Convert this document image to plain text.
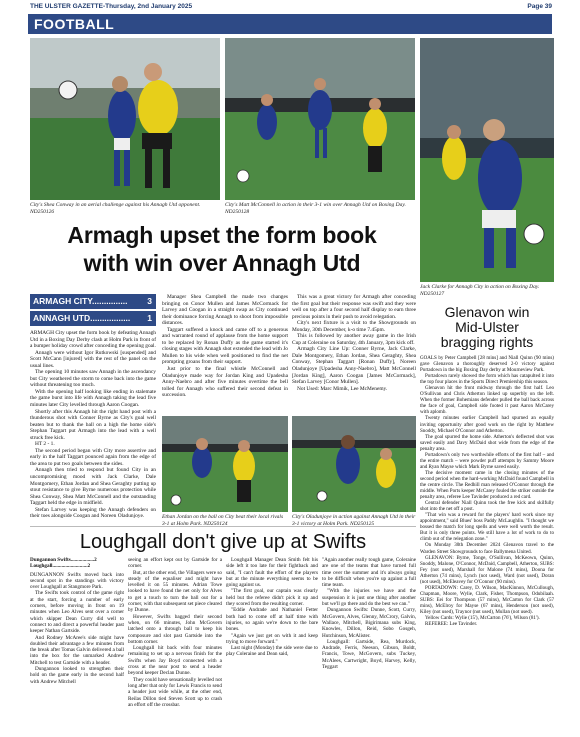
THE ULSTER GAZETTE-Thursday, 2nd January 2025	Page 39
FOOTBALL
City's Shea Conway in an aerial challenge against his Annagh Utd opponent. ND250126
City's Matt McConnell in action in their 3-1 win over Annagh Utd on Boxing Day. ND250128
Jack Clarke for Annagh City in action on Boxing Day. ND250127
Armagh upset the form book
with win over Annagh Utd
ARMAGH CITY............... 3
ANNAGH UTD................. 1

ARMAGH City upset the form book by defeating Annagh Utd in a Boxing Day Derby clash at Holm Park in front of a bumper holiday crowd after conceding the opening goal.

Annagh were without Igor Rutkowski [suspended] and Scott McCann [injured] with the rest of the panel on the usual lines.

The opening 10 minutes saw Annagh in the ascendancy but City weathered the storm to come back into the game without threatening too much.

With the opening half looking like ending in stalemate the game burst into life with Annagh taking the lead five minutes later City levelled through Aaron Coogan.

Shortly after this Annagh hit the right hand post with a thunderous shot with Conner Byrne as City's goal well beaten but to thank the ball on a high the home side's Stephan Taggart put Armagh into the lead with a well struck free kick.

HT 2 - 1.

The second period began with City more assertive and early in the half Taggart pounced again from the edge of the area to put two goals between the sides.

Annagh then tried to respond but found City in an uncompromising mood with Jack Clarke, Dale Montgomery, Ethan Jordan and Shea Geraghty putting up stout resistance to give Byrne numerous protection while Shea Conway, Shea Matt McConnell and the outstanding Taggart held the edge in midfield.

Stefan Larvey was keeping the Annagh defenders on their toes alongside Coogan and Noreen Oladunjoye.

Manager Shea Campbell the made two changes bringing on Conor Mullen and James McCormack for Larvey and Coogan in a straight swap as City continued their dominance forcing Annagh to shoot from impossible distances.

Taggart suffered a knock and came off to a generous and warranted round of applause from the home support to be replaced by Ronan Duffy as the game started it's closing stages with Annagh shot extended the lead with Jo Mullen to his wide when well positioned to find the net prompting groans from their support.

Just prior to the final whistle McConnell and Oladunjoye made way for Jordan King and Upadesha Anny-Naebro and after five minutes overtime the bell tolled for Annagh who suffered their second defeat in succession.

This was a great victory for Armagh after conceding the first goal but their response was swift and they were well on top after a four second half display to earn three precious points in their push to avoid relegation.

City's next fixture is a visit to the Showgrounds on Monday, 30th December, k-o time 7.45pm.

This is followed by another away game in the Irish Cup at Coleraine on Saturday, 4th January, 3pm kick off.

Armagh City Line Up: Conner Byrne, Jack Clarke, Dale Montgomery, Ethan Jordan, Shea Geraghty, Shea Conway, Stephan Taggart [Ronan Duffy], Noreen Oladunjoye [Upadesha Anny-Naebro], Matt McConnell [Jordan King], Aaron Coogan [James McCormack], Stefan Larvey [Conor Mullen].

Not Used: Marc Mimik, Lee McMenemy.

Ethan Jordan on the ball on City beat their local rivals 3-1 at Holm Park. ND250124
City's Oladunjoye in action against Annagh Utd in their 3-1 victory at Holm Park. ND250125
Glenavon win
Mid-Ulster
bragging rights

GOALS by Peter Campbell [28 mins] and Niall Quinn (90 mins) gave Glenavon a thoroughly deserved 2-0 victory against Portadown in the big Boxing Day derby at Mourneview Park.

Portadown rarely showed the form which has catapulted it into the top four places in the Sports Direct Premiership this season.

Glenavon hit the front midway through the first half. Leo O'Sullivan and Chris Atherton linked up superbly on the left. When the former Bohemians defender pulled the ball back across the face of goal, Campbell side footed it past Aaron McCarey with aplomb.

Twenty minutes earlier Campbell had spurned an equally inviting opportunity after good work on the right by Matthew Snoddy, Michael O'Connor and Atherton.

The goal spurred the home side. Atherton's deflected shot was saved easily and Davy McDaid shot wide from the edge of the penalty area.

Portadown's only two worthwhile efforts of the first half – and the entire match – were powder puff attempts by Sammy Moore and Ryan Mayse which Mark Byrne saved easily.

The decisive moment came in the closing minutes of the second period when the hard-working McDaid found Campbell in the centre circle. The Redhill man released O'Connor through the middle. When Ports keeper McCarey fouled the striker outside the penalty area, referee Lee Tavinder produced a red card.

Central defender Niall Quinn took the free kick and skilfully shot into the net off a post.

"That win was a reward for the players' hard work since my appointment," said Blues' boss Paddy McLaughlin. "I thought we bossed the match for long spells and were well worth the result. But it is only three points. We still have a lot of work to do to climb out of the relegation zone."

On Monday 30th December 2024 Glenavon travel to the Warden Street Showgrounds to face Ballymena United.

GLENAVON: Byrne, Tonge, O'Sullivan, McKeown, Quinn, Snoddy, Malone, O'Connor, McDaid, Campbell, Atherton, SUBS: Fey (not used), Marshall for Malone (74 mins), Doona for Atherton (74 mins), Lynch (not used), Ward (not used), Doran (not used), McEleavey for O'Connor (90 mins).

PORTADOWN: Carey, D. Wilson, MacKinnon, McCullough, Chapman, Moore, Wylie, Clark, Fisher, Thompson, Odubilaah. SUBS: Eei for Thompson (57 mins), McCarton for Clark (57 mins), McElroy for Mayse (67 mins), Henderson (not used), Kiley (not used), Traynor (not used), Mullan (not used).

Yellow Cards: Wylie (15'), McCarton (76'), Wilson (81').

REFEREE: Lee Tavinder.

Loughgall don't give up at Swifts

Dungannon Swifts..................2

Loughgall...........................2

DUNGANNON Swifts moved back into second spot in the standings with victory over Loughgall at Stangmore Park.

The Swifts took control of the game right at the start, forcing a number of early corners, before moving in front on 19 minutes when Leo Alves sent over a corner which skipper Dean Curry did well to connect to and direct a powerful header past keeper Nathan Gartside.

And Rodney McAree's side might have doubled their advantage a few minutes from the break after Tomas Galvin delivered a ball into the box for the unmarked Andrew Mitchell to test Gartside with a header.

Dungannon looked to strengthen their hold on the game early in the second half with Andrew Mitchell

seeing an effort kept out by Gartside for a corner.

But, at the other end, the Villagers were so steady of the equaliser and might have levelled it on 55 minutes. Adrian Towe looked to have found the net only for Alves to get a touch to turn the ball out for a corner, with that subsequent set piece cleared by Dunne.

However, Swifts bagged their second when, on 66 minutes, John McGovern latched onto a through ball to keep his composure and slot past Gartside into the bottom corner.

Loughgall hit back with four minutes remaining to set up a nervous finish for the Swifts when Jay Boyd connected with a cross at the near post to send a header beyond keeper Declan Dunne.

They could have sensationally levelled not long after that only for Lewis Francis to send a header just wide while, at the other end, Reilas Dillon tied Steven Scott up to crash an effort off the crossbar.

Loughgall Manager Dean Smith felt his side left it too late for their fightback and said, "I can't fault the effort of the players but at the minute everything seems to be going against us.

"The first goal, our captain was clearly held but the referee didn't pick it up and they scored from the resulting corner.

"Eddie Andrade and Nathaniel Fetter both had to come off at half time with injuries, so again we're down to the bare bones.

"Again we just get on with it and keep trying to move forward."

Last night (Monday) the side were due to play Coleraine and Dean said,

"Again another really tough game, Coleraine are one of the teams that have turned full time over the summer and it's always going to be difficult when you're up against a full time team.

"With the injuries we have and the suspension it is just one thing after another but we'll go there and do the best we can."

Dungannon Swifts: Dunne, Scott, Curry, McGovern, Alves, Glenny, McCrory, Galvin, Wallace, Mitchell, Bigirimana subs King, Knowles, Dillon, Reid, Sobo Gosgeh, Hutchinson, McAlister.

Loughgall: Gartside, Rea, Murdock, Andrade, Ferris, Neeson, Gibson, Boldt, Francis, Towe, McGovern, subs Tuckey, McAlees, Cartwright, Boyd, Harvey, Kelly, Teggart
